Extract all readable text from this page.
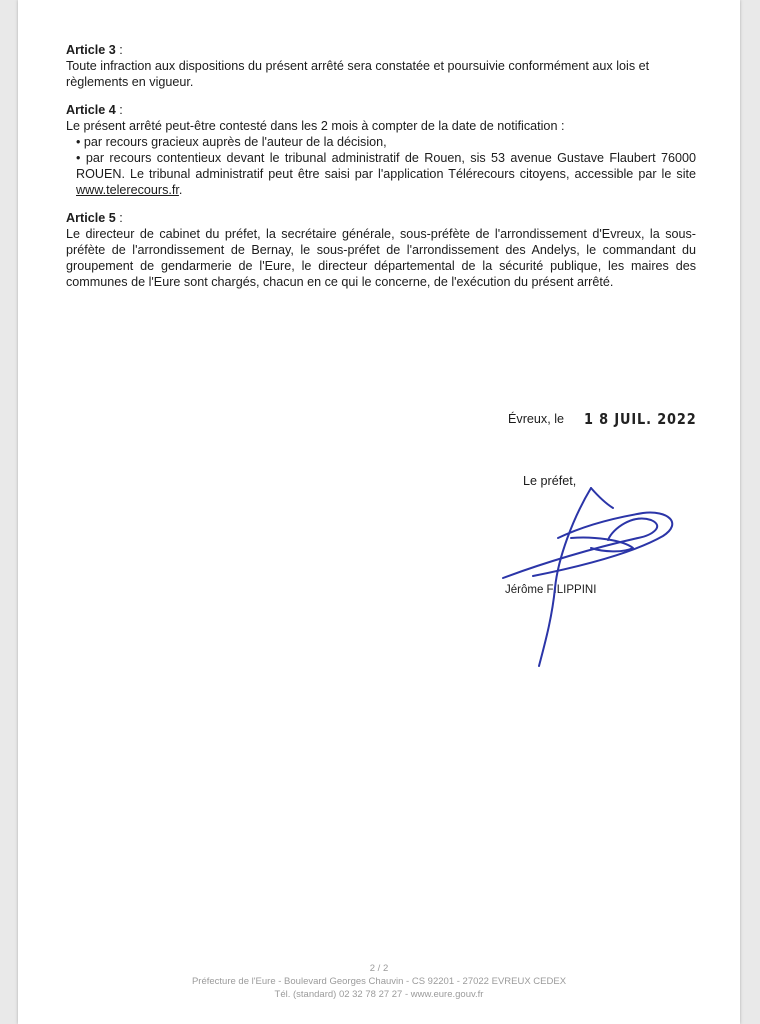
Article 3 :
Toute infraction aux dispositions du présent arrêté sera constatée et poursuivie conformément aux lois et règlements en vigueur.
Article 4 :
Le présent arrêté peut-être contesté dans les 2 mois à compter de la date de notification :
• par recours gracieux auprès de l'auteur de la décision,
• par recours contentieux devant le tribunal administratif de Rouen, sis 53 avenue Gustave Flaubert 76000 ROUEN. Le tribunal administratif peut être saisi par l'application Télérecours citoyens, accessible par le site www.telerecours.fr.
Article 5 :
Le directeur de cabinet du préfet, la secrétaire générale, sous-préfète de l'arrondissement d'Evreux, la sous-préfète de l'arrondissement de Bernay, le sous-préfet de l'arrondissement des Andelys, le commandant du groupement de gendarmerie de l'Eure, le directeur départemental de la sécurité publique, les maires des communes de l'Eure sont chargés, chacun en ce qui le concerne, de l'exécution du présent arrêté.
Évreux, le 1 8 JUIL. 2022
Le préfet,
Jérôme FILIPPINI
2 / 2
Préfecture de l'Eure - Boulevard Georges Chauvin - CS 92201 - 27022 EVREUX CEDEX
Tél. (standard) 02 32 78 27 27 - www.eure.gouv.fr
